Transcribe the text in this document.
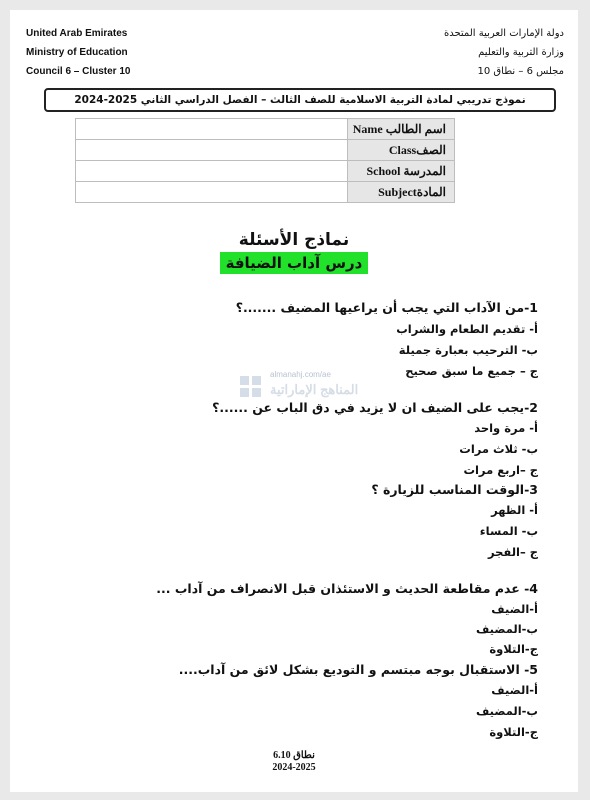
United Arab Emirates
Ministry of Education
Council 6 – Cluster 10
دولة الإمارات العربية المتحدة
وزارة التربية والتعليم
مجلس 6 – نطاق 10
نموذج تدريبي لمادة التربية الاسلامية للصف الثالث – الفصل الدراسي الثاني 2025-2024
اسم الطالب Name	
الصفClass	
المدرسة School	
المادةSubject	
نماذج الأسئلة
درس آداب الضيافة
almanahj.com/ae
المناهج الإماراتية
1-من الآداب التي يجب أن يراعيها المضيف .......؟
أ- تقديم الطعام والشراب
ب- الترحيب بعبارة جميلة
ج – جميع ما سبق صحيح
2-يجب على الضيف ان لا يزيد في دق الباب عن ......؟
أ- مرة واحد
ب- ثلاث مرات
ج –اربع مرات
3-الوقت المناسب للزيارة ؟
أ- الظهر
ب- المساء
ج –الفجر
4- عدم مقاطعة الحديث و الاستئذان قبل الانصراف من آداب ...
أ-الضيف
ب-المضيف
ج-التلاوة
5- الاستقبال بوجه مبتسم و التوديع بشكل لائق من آداب....
أ-الضيف
ب-المضيف
ج-التلاوة
نطاق 6.10
2024-2025
